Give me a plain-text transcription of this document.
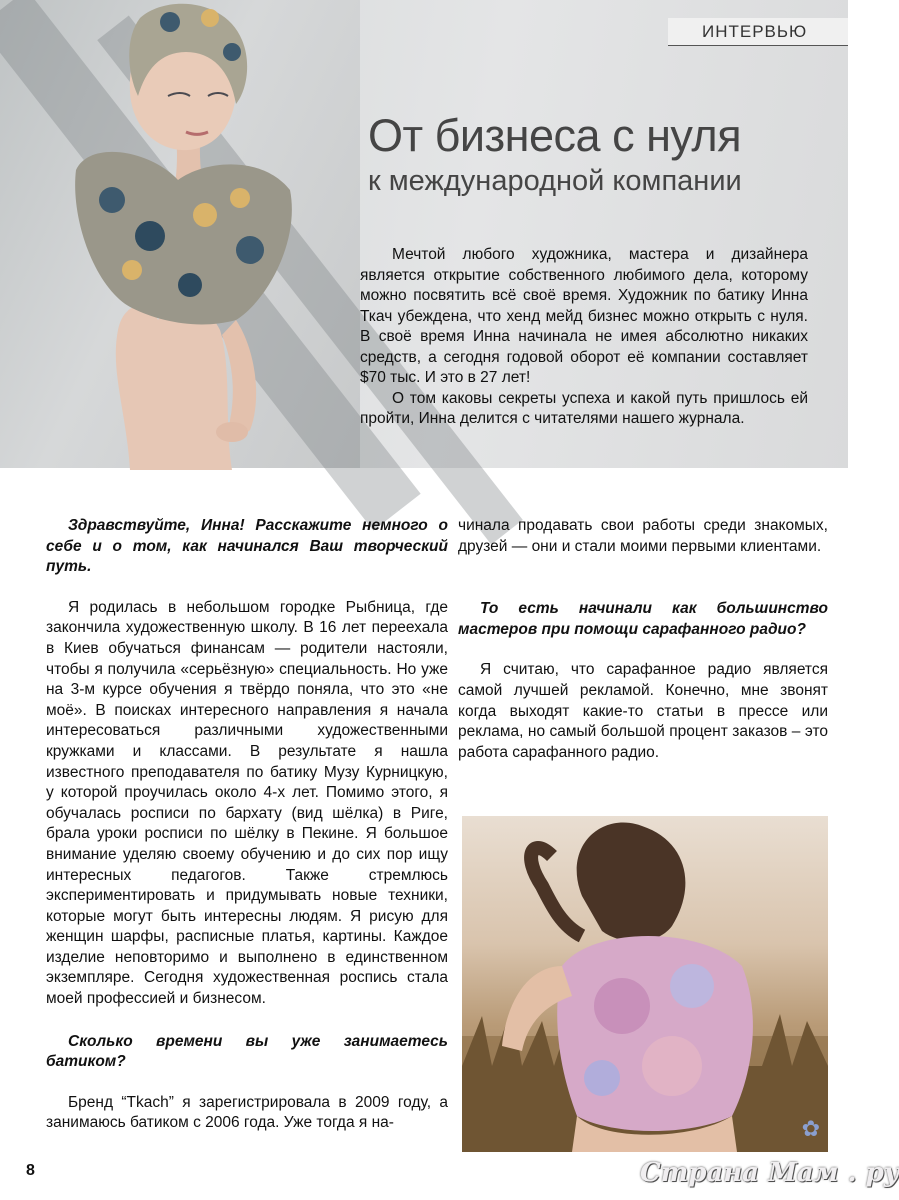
ИНТЕРВЬЮ
От бизнеса с нуля
к международной компании

Мечтой любого художника, мастера и дизайнера является открытие собственного любимого дела, которому можно посвятить всё своё время. Художник по батику Инна Ткач убеждена, что хенд мейд бизнес можно открыть с нуля. В своё время Инна начинала не имея абсолютно никаких средств, а сегодня годовой оборот её компании составляет $70 тыс. И это в 27 лет!

О том каковы секреты успеха и какой путь пришлось ей пройти, Инна делится с читателями нашего журнала.

Здравствуйте, Инна! Расскажите немного о себе и о том, как начинался Ваш творческий путь.

Я родилась в небольшом городке Рыбница, где закончила художественную школу. В 16 лет переехала в Киев обучаться финансам — родители настояли, чтобы я получила «серьёзную» специальность. Но уже на 3-м курсе обучения я твёрдо поняла, что это «не моё». В поисках интересного направления я начала интересоваться различными художественными кружками и классами. В результате я нашла известного преподавателя по батику Музу Курницкую, у которой проучилась около 4-х лет. Помимо этого, я обучалась росписи по бархату (вид шёлка) в Риге, брала уроки росписи по шёлку в Пекине. Я большое внимание уделяю своему обучению и до сих пор ищу интересных педагогов. Также стремлюсь экспериментировать и придумывать новые техники, которые могут быть интересны людям. Я рисую для женщин шарфы, расписные платья, картины. Каждое изделие неповторимо и выполнено в единственном экземпляре. Сегодня художественная роспись стала моей профессией и бизнесом.

Сколько времени вы уже занимаетесь батиком?

Бренд “Tkach” я зарегистрировала в 2009 году, а занимаюсь батиком с 2006 года. Уже тогда я на-

чинала продавать свои работы среди знакомых, друзей — они и стали моими первыми клиентами.

То есть начинали как большинство мастеров при помощи сарафанного радио?

Я считаю, что сарафанное радио является самой лучшей рекламой. Конечно, мне звонят когда выходят какие-то статьи в прессе или реклама, но самый большой процент заказов – это работа сарафанного радио.

✿
8	Страна Мам . ру
